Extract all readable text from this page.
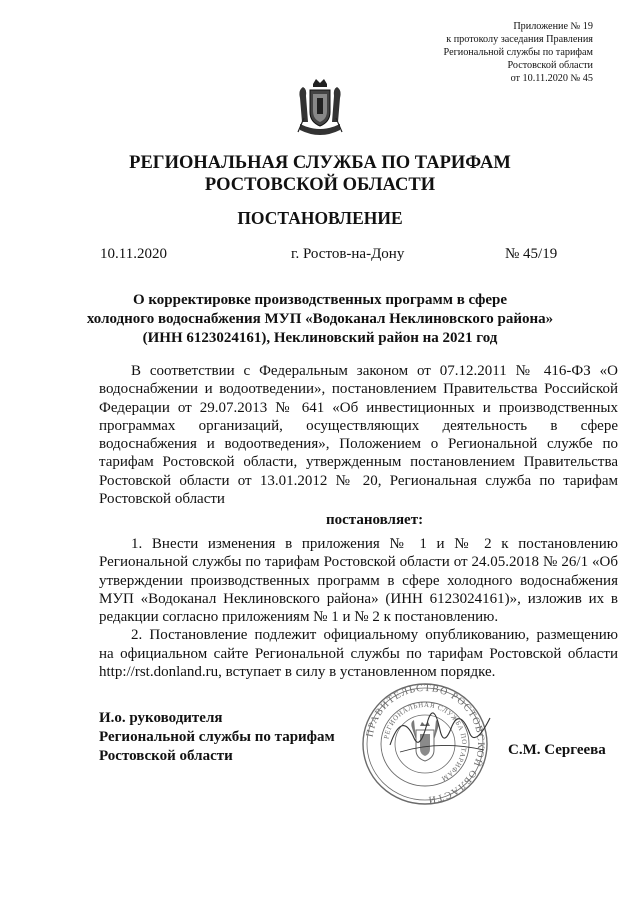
Приложение № 19
к протоколу заседания Правления
Региональной службы по тарифам
Ростовской области
от 10.11.2020 № 45
РЕГИОНАЛЬНАЯ СЛУЖБА ПО ТАРИФАМ
РОСТОВСКОЙ ОБЛАСТИ
ПОСТАНОВЛЕНИЕ
10.11.2020	г. Ростов-на-Дону	№ 45/19
О корректировке производственных программ в сфере
холодного водоснабжения МУП «Водоканал Неклиновского района»
(ИНН 6123024161), Неклиновский район на 2021 год

В соответствии с Федеральным законом от 07.12.2011 № 416-ФЗ «О водоснабжении и водоотведении», постановлением Правительства Российской Федерации от 29.07.2013 № 641 «Об инвестиционных и производственных программах организаций, осуществляющих деятельность в сфере водоснабжения и водоотведения», Положением о Региональной службе по тарифам Ростовской области, утвержденным постановлением Правительства Ростовской области от 13.01.2012 № 20, Региональная служба по тарифам Ростовской области

постановляет:

1. Внести изменения в приложения № 1 и № 2 к постановлению Региональной службы по тарифам Ростовской области от 24.05.2018 № 26/1 «Об утверждении производственных программ в сфере холодного водоснабжения МУП «Водоканал Неклиновского района» (ИНН 6123024161)», изложив их в редакции согласно приложениям № 1 и № 2 к постановлению.

2. Постановление подлежит официальному опубликованию, размещению на официальном сайте Региональной службы по тарифам Ростовской области http://rst.donland.ru, вступает в силу в установленном порядке.

И.о. руководителя
Региональной службы по тарифам
Ростовской области
ПРАВИТЕЛЬСТВО РОСТОВСКОЙ ОБЛАСТИ
РЕГИОНАЛЬНАЯ СЛУЖБА ПО ТАРИФАМ
С.М. Сергеева
